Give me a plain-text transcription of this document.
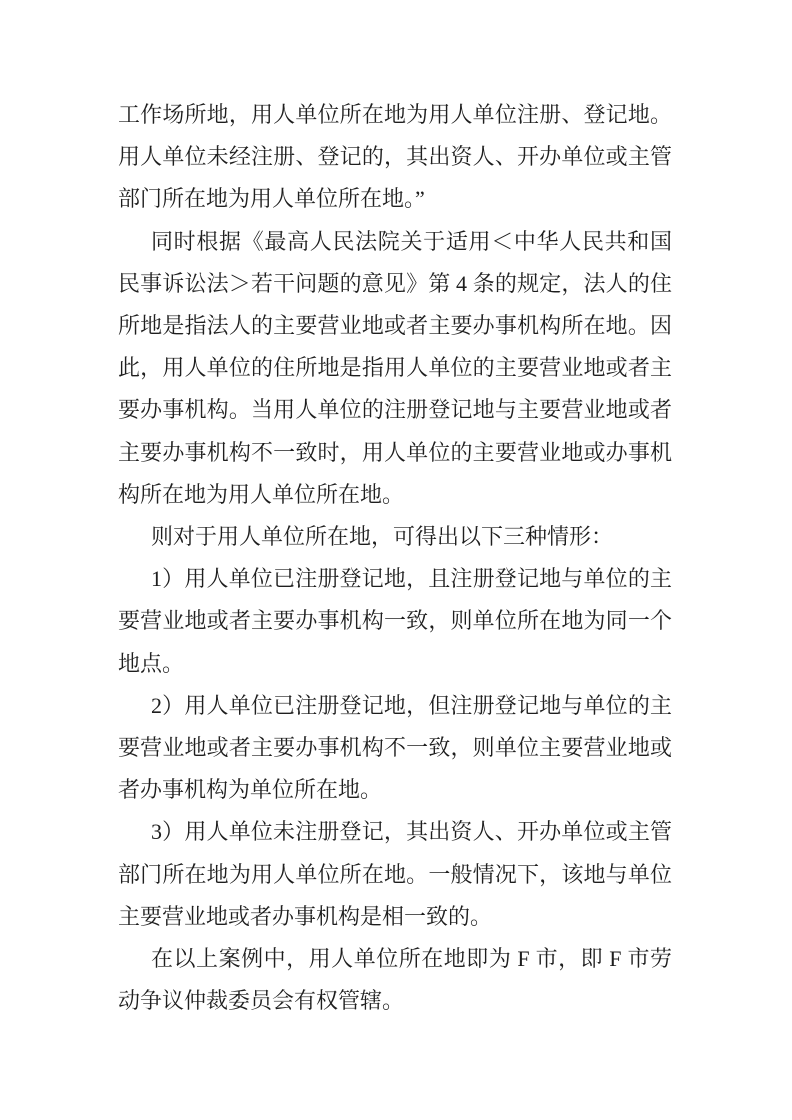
工作场所地，用人单位所在地为用人单位注册、登记地。
用人单位未经注册、登记的，其出资人、开办单位或主管
部门所在地为用人单位所在地。”
同时根据《最高人民法院关于适用＜中华人民共和国
民事诉讼法＞若干问题的意见》第 4 条的规定，法人的住
所地是指法人的主要营业地或者主要办事机构所在地。因
此，用人单位的住所地是指用人单位的主要营业地或者主
要办事机构。当用人单位的注册登记地与主要营业地或者
主要办事机构不一致时，用人单位的主要营业地或办事机
构所在地为用人单位所在地。
则对于用人单位所在地，可得出以下三种情形：
1）用人单位已注册登记地，且注册登记地与单位的主
要营业地或者主要办事机构一致，则单位所在地为同一个
地点。
2）用人单位已注册登记地，但注册登记地与单位的主
要营业地或者主要办事机构不一致，则单位主要营业地或
者办事机构为单位所在地。
3）用人单位未注册登记，其出资人、开办单位或主管
部门所在地为用人单位所在地。一般情况下，该地与单位
主要营业地或者办事机构是相一致的。
在以上案例中，用人单位所在地即为 F 市，即 F 市劳
动争议仲裁委员会有权管辖。
